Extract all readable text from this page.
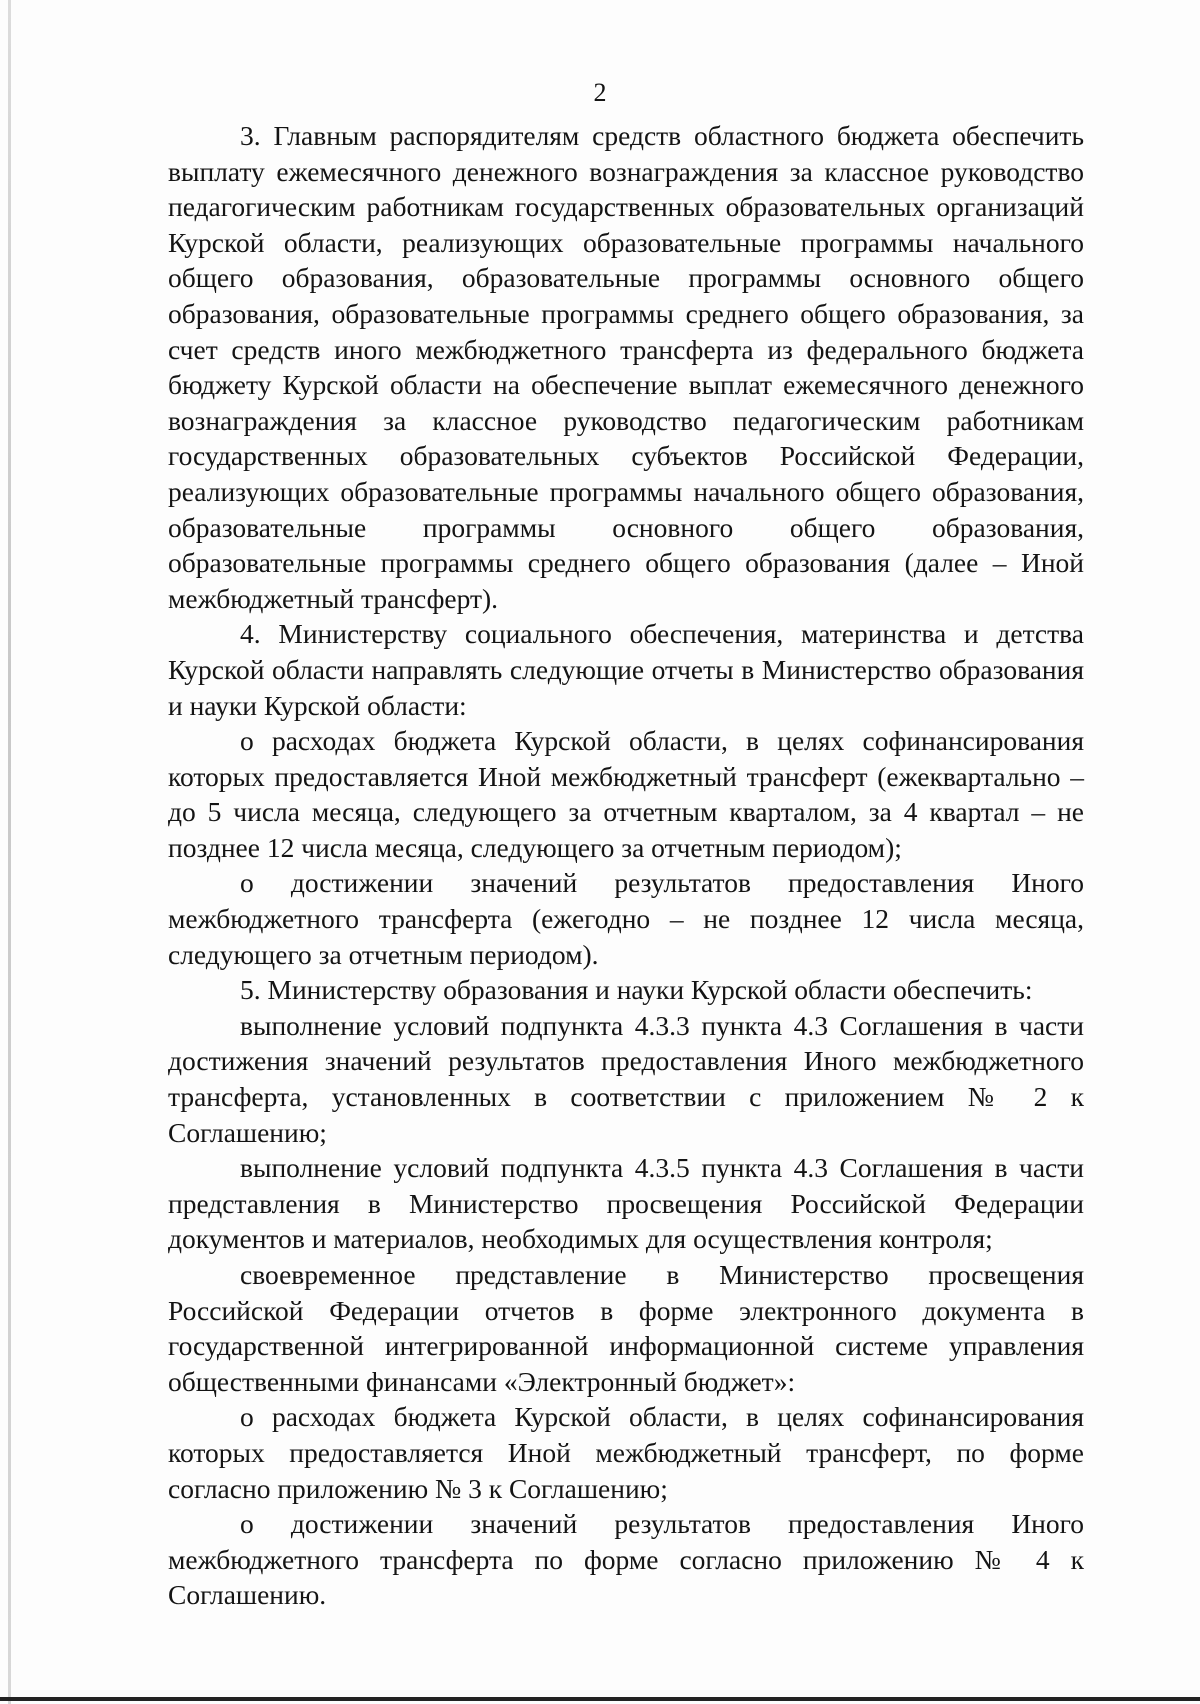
2

3. Главным распорядителям средств областного бюджета обеспечить выплату ежемесячного денежного вознаграждения за классное руководство педагогическим работникам государственных образовательных организаций Курской области, реализующих образовательные программы начального общего образования, образовательные программы основного общего образования, образовательные программы среднего общего образования, за счет средств иного межбюджетного трансферта из федерального бюджета бюджету Курской области на обеспечение выплат ежемесячного денежного вознаграждения за классное руководство педагогическим работникам государственных образовательных субъектов Российской Федерации, реализующих образовательные программы начального общего образования, образовательные программы основного общего образования, образовательные программы среднего общего образования (далее – Иной межбюджетный трансферт).

4. Министерству социального обеспечения, материнства и детства Курской области направлять следующие отчеты в Министерство образования и науки Курской области:

о расходах бюджета Курской области, в целях софинансирования которых предоставляется Иной межбюджетный трансферт (ежеквартально – до 5 числа месяца, следующего за отчетным кварталом, за 4 квартал – не позднее 12 числа месяца, следующего за отчетным периодом);

о достижении значений результатов предоставления Иного межбюджетного трансферта (ежегодно – не позднее 12 числа месяца, следующего за отчетным периодом).

5. Министерству образования и науки Курской области обеспечить:

выполнение условий подпункта 4.3.3 пункта 4.3 Соглашения в части достижения значений результатов предоставления Иного межбюджетного трансферта, установленных в соответствии с приложением № 2 к Соглашению;

выполнение условий подпункта 4.3.5 пункта 4.3 Соглашения в части представления в Министерство просвещения Российской Федерации документов и материалов, необходимых для осуществления контроля;

своевременное представление в Министерство просвещения Российской Федерации отчетов в форме электронного документа в государственной интегрированной информационной системе управления общественными финансами «Электронный бюджет»:

о расходах бюджета Курской области, в целях софинансирования которых предоставляется Иной межбюджетный трансферт, по форме согласно приложению № 3 к Соглашению;

о достижении значений результатов предоставления Иного межбюджетного трансферта по форме согласно приложению № 4 к Соглашению.
